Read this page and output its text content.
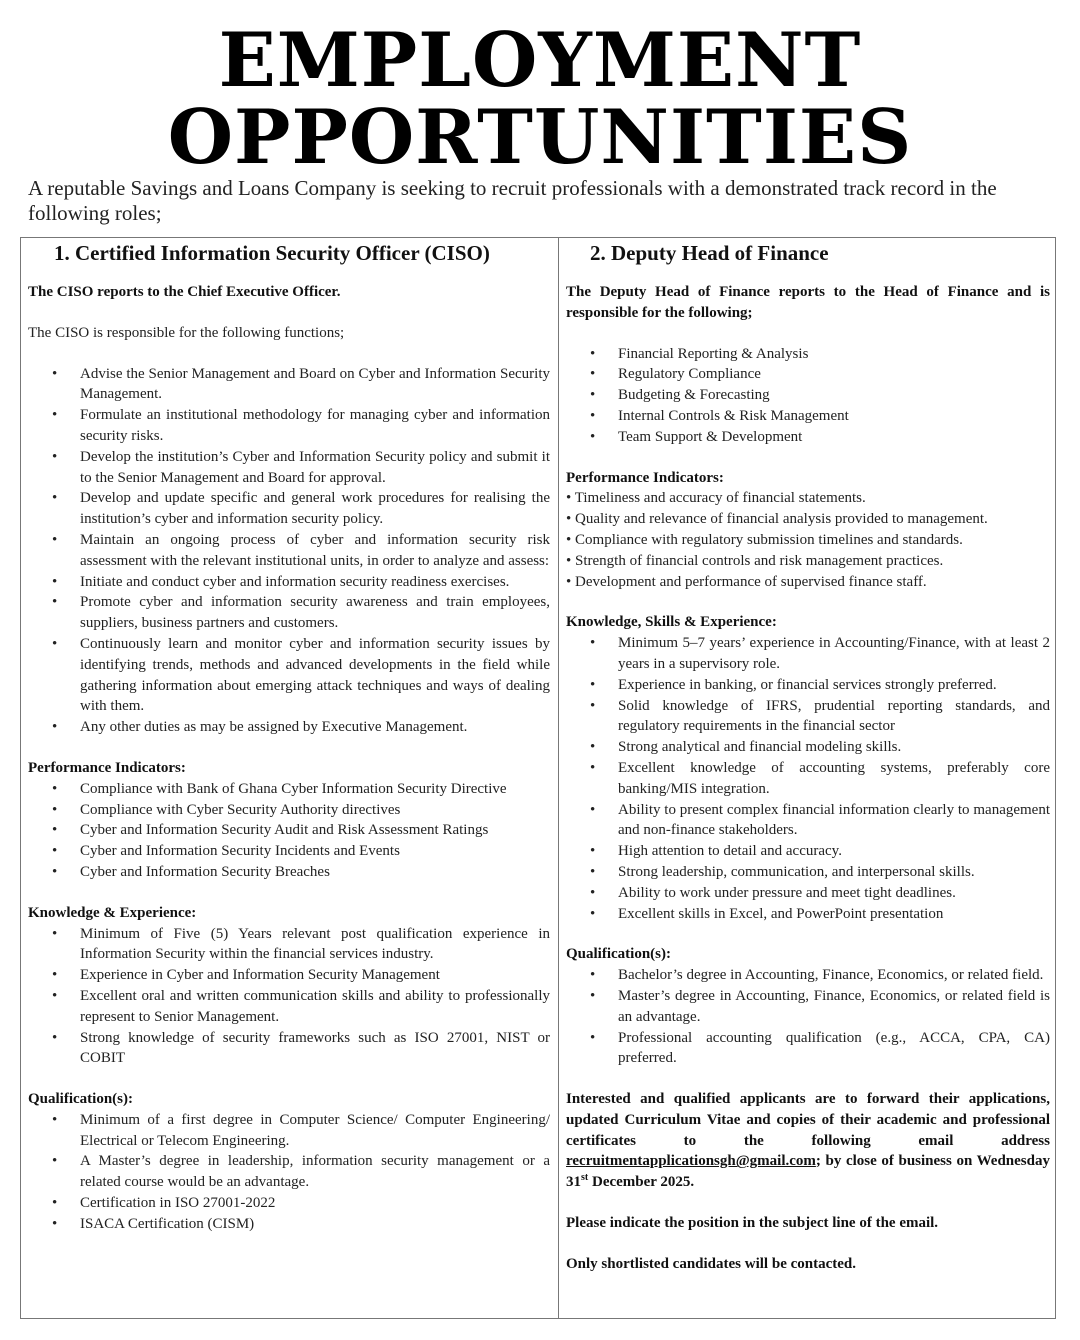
EMPLOYMENT
OPPORTUNITIES

A reputable Savings and Loans Company is seeking to recruit professionals with a demonstrated track record in the following roles;

1. Certified Information Security Officer (CISO)

The CISO reports to the Chief Executive Officer.

The CISO is responsible for the following functions;

• Advise the Senior Management and Board on Cyber and Information Security Management.
• Formulate an institutional methodology for managing cyber and information security risks.
• Develop the institution’s Cyber and Information Security policy and submit it to the Senior Management and Board for approval.
• Develop and update specific and general work procedures for realising the institution’s cyber and information security policy.
• Maintain an ongoing process of cyber and information security risk assessment with the relevant institutional units, in order to analyze and assess:
• Initiate and conduct cyber and information security readiness exercises.
• Promote cyber and information security awareness and train employees, suppliers, business partners and customers.
• Continuously learn and monitor cyber and information security issues by identifying trends, methods and advanced developments in the field while gathering information about emerging attack techniques and ways of dealing with them.
• Any other duties as may be assigned by Executive Management.

Performance Indicators:

• Compliance with Bank of Ghana Cyber Information Security Directive
• Compliance with Cyber Security Authority directives
• Cyber and Information Security Audit and Risk Assessment Ratings
• Cyber and Information Security Incidents and Events
• Cyber and Information Security Breaches

Knowledge & Experience:

• Minimum of Five (5) Years relevant post qualification experience in Information Security within the financial services industry.
• Experience in Cyber and Information Security Management
• Excellent oral and written communication skills and ability to professionally represent to Senior Management.
• Strong knowledge of security frameworks such as ISO 27001, NIST or COBIT

Qualification(s):

• Minimum of a first degree in Computer Science/ Computer Engineering/ Electrical or Telecom Engineering.
• A Master’s degree in leadership, information security management or a related course would be an advantage.
• Certification in ISO 27001-2022
• ISACA Certification (CISM)
2. Deputy Head of Finance

The Deputy Head of Finance reports to the Head of Finance and is responsible for the following;

• Financial Reporting & Analysis
• Regulatory Compliance
• Budgeting & Forecasting
• Internal Controls & Risk Management
• Team Support & Development

Performance Indicators:

• Timeliness and accuracy of financial statements.
• Quality and relevance of financial analysis provided to management.
• Compliance with regulatory submission timelines and standards.
• Strength of financial controls and risk management practices.
• Development and performance of supervised finance staff.

Knowledge, Skills & Experience:

• Minimum 5–7 years’ experience in Accounting/Finance, with at least 2 years in a supervisory role.
• Experience in banking, or financial services strongly preferred.
• Solid knowledge of IFRS, prudential reporting standards, and regulatory requirements in the financial sector
• Strong analytical and financial modeling skills.
• Excellent knowledge of accounting systems, preferably core banking/MIS integration.
• Ability to present complex financial information clearly to management and non-finance stakeholders.
• High attention to detail and accuracy.
• Strong leadership, communication, and interpersonal skills.
• Ability to work under pressure and meet tight deadlines.
• Excellent skills in Excel, and PowerPoint presentation

Qualification(s):

• Bachelor’s degree in Accounting, Finance, Economics, or related field.
• Master’s degree in Accounting, Finance, Economics, or related field is an advantage.
• Professional accounting qualification (e.g., ACCA, CPA, CA) preferred.

Interested and qualified applicants are to forward their applications, updated Curriculum Vitae and copies of their academic and professional certificates to the following email address recruitmentapplicationsgh@gmail.com; by close of business on Wednesday 31st December 2025.

Please indicate the position in the subject line of the email.

Only shortlisted candidates will be contacted.
